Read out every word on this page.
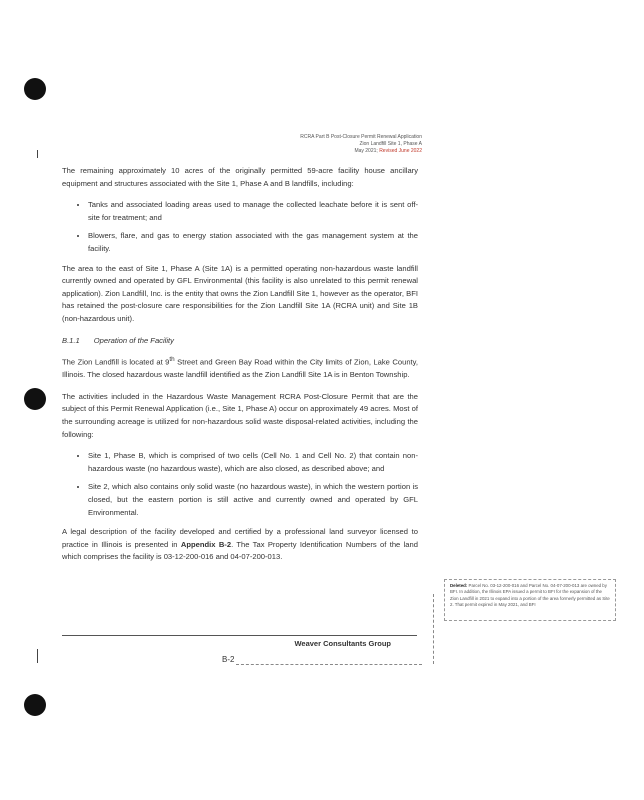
RCRA Part B Post-Closure Permit Renewal Application
Zion Landfill Site 1, Phase A
May 2021; Revised June 2022

The remaining approximately 10 acres of the originally permitted 59-acre facility house ancillary equipment and structures associated with the Site 1, Phase A and B landfills, including:

• Tanks and associated loading areas used to manage the collected leachate before it is sent off-site for treatment; and
• Blowers, flare, and gas to energy station associated with the gas management system at the facility.

The area to the east of Site 1, Phase A (Site 1A) is a permitted operating non-hazardous waste landfill currently owned and operated by GFL Environmental (this facility is also unrelated to this permit renewal application). Zion Landfill, Inc. is the entity that owns the Zion Landfill Site 1, however as the operator, BFI has retained the post-closure care responsibilities for the Zion Landfill Site 1A (RCRA unit) and Site 1B (non-hazardous unit).

B.1.1 Operation of the Facility

The Zion Landfill is located at 9th Street and Green Bay Road within the City limits of Zion, Lake County, Illinois. The closed hazardous waste landfill identified as the Zion Landfill Site 1A is in Benton Township.

The activities included in the Hazardous Waste Management RCRA Post-Closure Permit that are the subject of this Permit Renewal Application (i.e., Site 1, Phase A) occur on approximately 49 acres. Most of the surrounding acreage is utilized for non-hazardous solid waste disposal-related activities, including the following:

• Site 1, Phase B, which is comprised of two cells (Cell No. 1 and Cell No. 2) that contain non-hazardous waste (no hazardous waste), which are also closed, as described above; and
• Site 2, which also contains only solid waste (no hazardous waste), in which the western portion is closed, but the eastern portion is still active and currently owned and operated by GFL Environmental.

A legal description of the facility developed and certified by a professional land surveyor licensed to practice in Illinois is presented in Appendix B-2. The Tax Property Identification Numbers of the land which comprises the facility is 03-12-200-016 and 04-07-200-013.

Deleted: Parcel No. 03-12-200-016 and Parcel No. 04-07-200-013 are owned by BFI. In addition, the Illinois EPA issued a permit to BFI for the expansion of the Zion Landfill in 2021 to expand into a portion of the area formerly permitted as Site 2. That permit expired in May 2021, and BFI
Weaver Consultants Group
B-2
